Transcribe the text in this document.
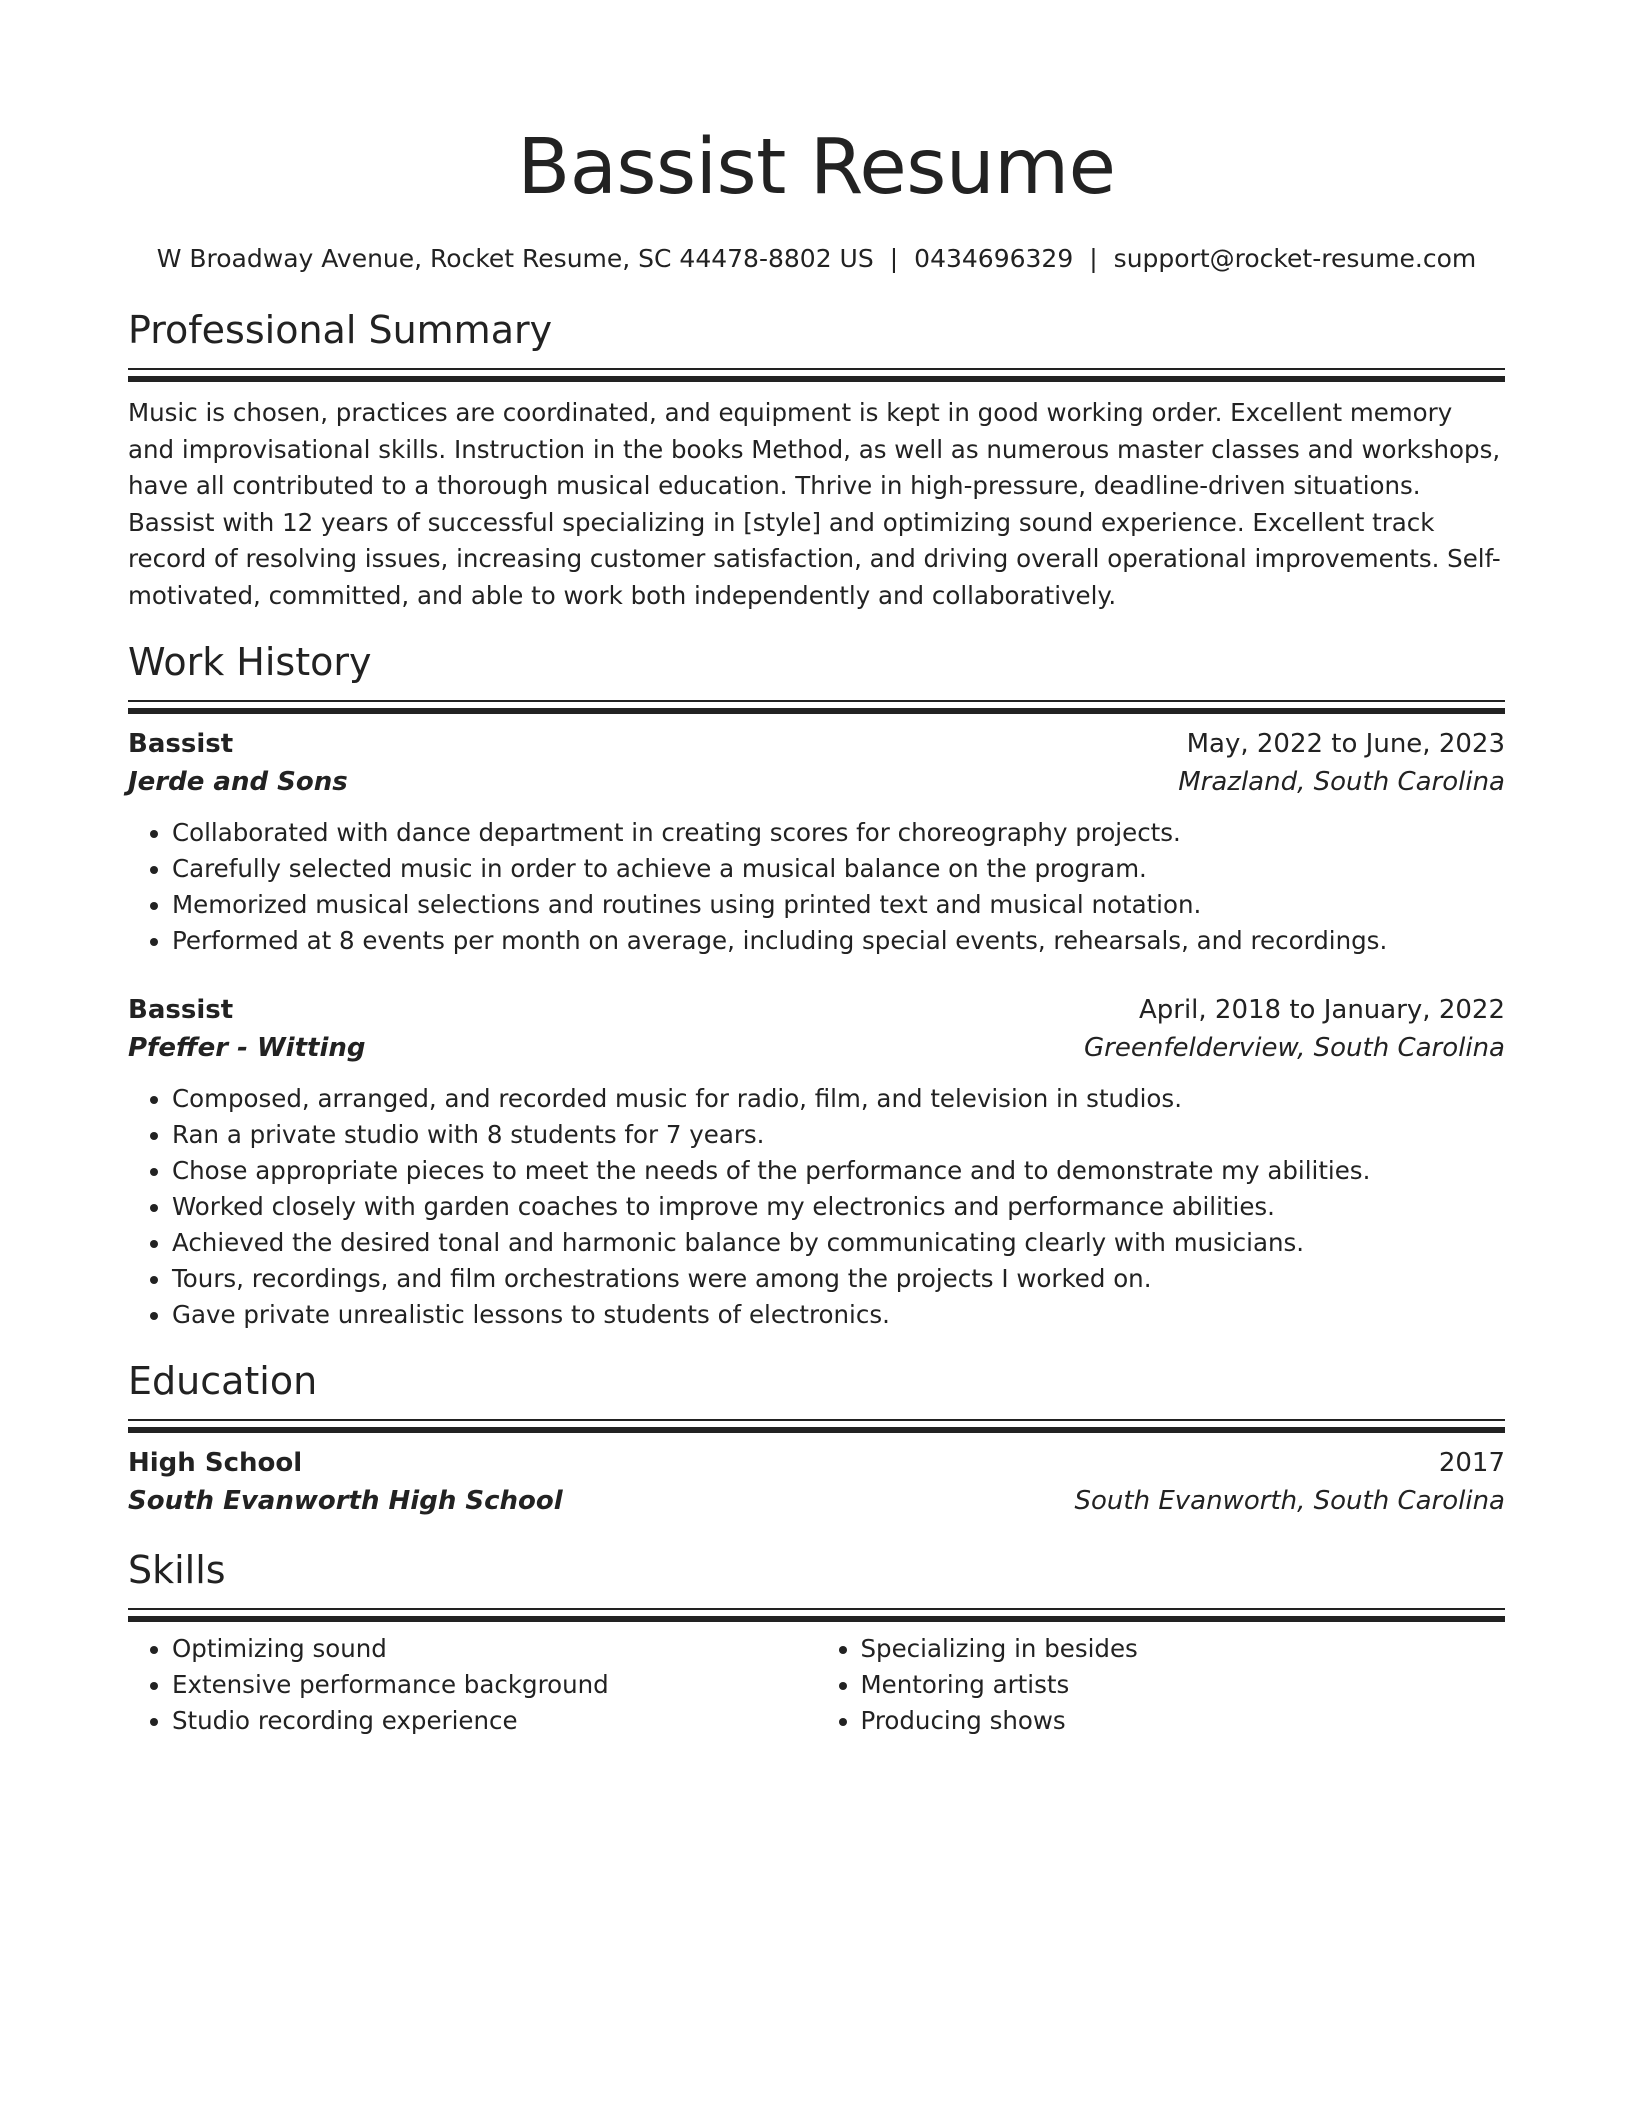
Bassist Resume
W Broadway Avenue, Rocket Resume, SC 44478-8802 US | 0434696329 | support@rocket-resume.com
Professional Summary
Music is chosen, practices are coordinated, and equipment is kept in good working order. Excellent memory and improvisational skills. Instruction in the books Method, as well as numerous master classes and workshops, have all contributed to a thorough musical education. Thrive in high-pressure, deadline-driven situations. Bassist with 12 years of successful specializing in [style] and optimizing sound experience. Excellent track record of resolving issues, increasing customer satisfaction, and driving overall operational improvements. Self-motivated, committed, and able to work both independently and collaboratively.
Work History
Bassist	May, 2022 to June, 2023
Jerde and Sons	Mrazland, South Carolina
• Collaborated with dance department in creating scores for choreography projects.
• Carefully selected music in order to achieve a musical balance on the program.
• Memorized musical selections and routines using printed text and musical notation.
• Performed at 8 events per month on average, including special events, rehearsals, and recordings.
Bassist	April, 2018 to January, 2022
Pfeffer - Witting	Greenfelderview, South Carolina
• Composed, arranged, and recorded music for radio, film, and television in studios.
• Ran a private studio with 8 students for 7 years.
• Chose appropriate pieces to meet the needs of the performance and to demonstrate my abilities.
• Worked closely with garden coaches to improve my electronics and performance abilities.
• Achieved the desired tonal and harmonic balance by communicating clearly with musicians.
• Tours, recordings, and film orchestrations were among the projects I worked on.
• Gave private unrealistic lessons to students of electronics.
Education
High School	2017
South Evanworth High School	South Evanworth, South Carolina
Skills
• Optimizing sound
• Extensive performance background
• Studio recording experience
• Specializing in besides
• Mentoring artists
• Producing shows
